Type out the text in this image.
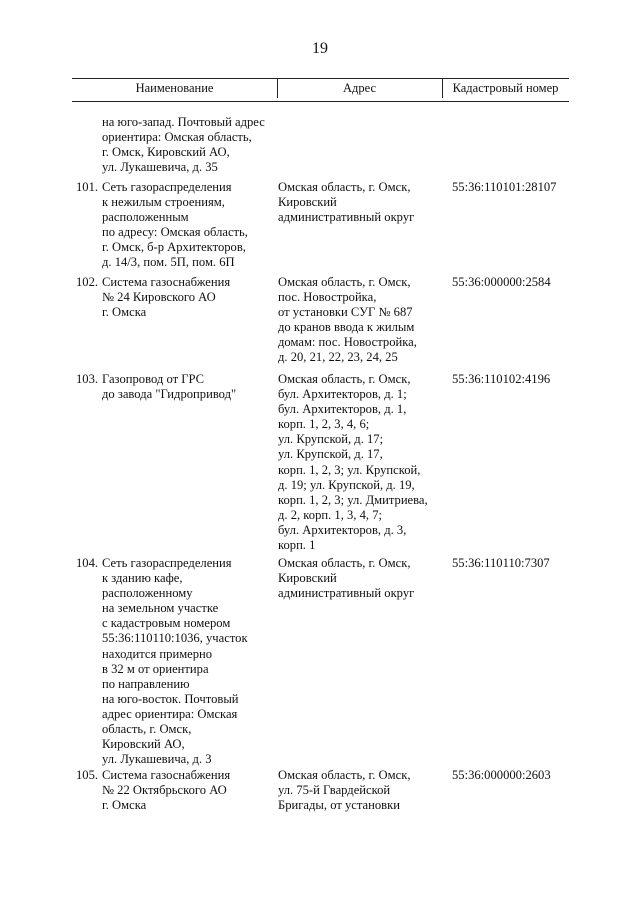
19
Наименование	Адрес	Кадастровый номер
на юго-запад. Почтовый адрес
ориентира: Омская область,
г. Омск, Кировский АО,
ул. Лукашевича, д. 35
101. Сеть газораспределения
к нежилым строениям,
расположенным
по адресу: Омская область,
г. Омск, б-р Архитекторов,
д. 14/3, пом. 5П, пом. 6П
Омская область, г. Омск,
Кировский
административный округ
55:36:110101:28107
102. Система газоснабжения
№ 24 Кировского АО
г. Омска
Омская область, г. Омск,
пос. Новостройка,
от установки СУГ № 687
до кранов ввода к жилым
домам: пос. Новостройка,
д. 20, 21, 22, 23, 24, 25
55:36:000000:2584
103. Газопровод от ГРС
до завода "Гидропривод"
Омская область, г. Омск,
бул. Архитекторов, д. 1;
бул. Архитекторов, д. 1,
корп. 1, 2, 3, 4, 6;
ул. Крупской, д. 17;
ул. Крупской, д. 17,
корп. 1, 2, 3; ул. Крупской,
д. 19; ул. Крупской, д. 19,
корп. 1, 2, 3; ул. Дмитриева,
д. 2, корп. 1, 3, 4, 7;
бул. Архитекторов, д. 3,
корп. 1
55:36:110102:4196
104. Сеть газораспределения
к зданию кафе,
расположенному
на земельном участке
с кадастровым номером
55:36:110110:1036, участок
находится примерно
в 32 м от ориентира
по направлению
на юго-восток. Почтовый
адрес ориентира: Омская
область, г. Омск,
Кировский АО,
ул. Лукашевича, д. 3
Омская область, г. Омск,
Кировский
административный округ
55:36:110110:7307
105. Система газоснабжения
№ 22 Октябрьского АО
г. Омска
Омская область, г. Омск,
ул. 75-й Гвардейской
Бригады, от установки
55:36:000000:2603
